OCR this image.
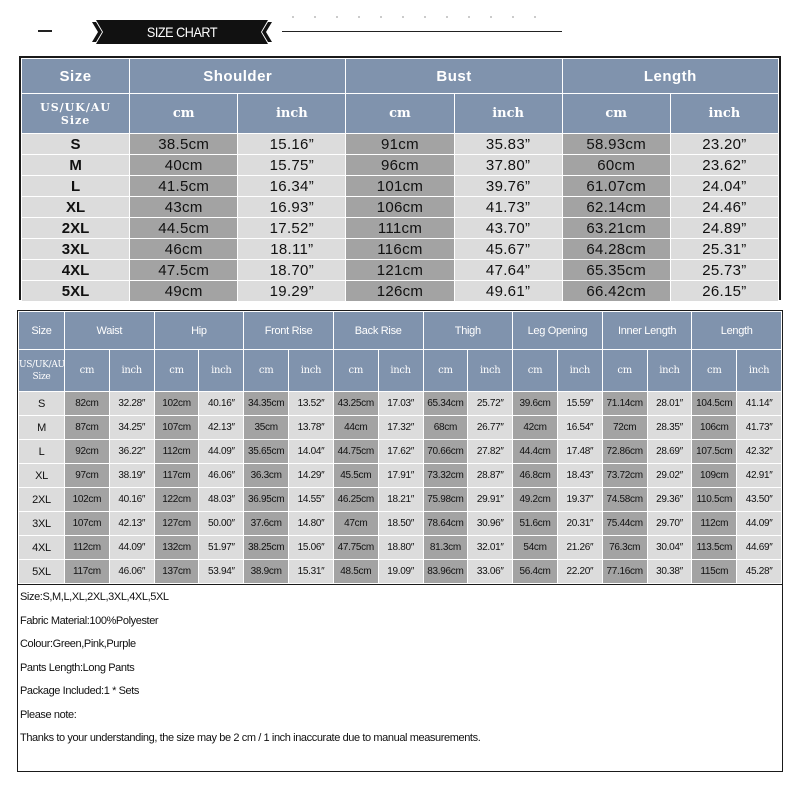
SIZE CHART
Size	Shoulder		Bust		Length	
US/UK/AU
Size	cm	inch	cm	inch	cm	inch
S	38.5cm	15.16”	91cm	35.83”	58.93cm	23.20”
M	40cm	15.75”	96cm	37.80”	60cm	23.62”
L	41.5cm	16.34”	101cm	39.76”	61.07cm	24.04”
XL	43cm	16.93”	106cm	41.73”	62.14cm	24.46”
2XL	44.5cm	17.52”	111cm	43.70”	63.21cm	24.89”
3XL	46cm	18.11”	116cm	45.67”	64.28cm	25.31”
4XL	47.5cm	18.70”	121cm	47.64”	65.35cm	25.73”
5XL	49cm	19.29”	126cm	49.61”	66.42cm	26.15”
Size	Waist		Hip		Front Rise		Back Rise		Thigh		Leg Opening		Inner Length		Length	
US/UK/AU
Size	cm	inch	cm	inch	cm	inch	cm	inch	cm	inch	cm	inch	cm	inch	cm	inch
S	82cm	32.28″	102cm	40.16″	34.35cm	13.52″	43.25cm	17.03″	65.34cm	25.72″	39.6cm	15.59″	71.14cm	28.01″	104.5cm	41.14″
M	87cm	34.25″	107cm	42.13″	35cm	13.78″	44cm	17.32″	68cm	26.77″	42cm	16.54″	72cm	28.35″	106cm	41.73″
L	92cm	36.22″	112cm	44.09″	35.65cm	14.04″	44.75cm	17.62″	70.66cm	27.82″	44.4cm	17.48″	72.86cm	28.69″	107.5cm	42.32″
XL	97cm	38.19″	117cm	46.06″	36.3cm	14.29″	45.5cm	17.91″	73.32cm	28.87″	46.8cm	18.43″	73.72cm	29.02″	109cm	42.91″
2XL	102cm	40.16″	122cm	48.03″	36.95cm	14.55″	46.25cm	18.21″	75.98cm	29.91″	49.2cm	19.37″	74.58cm	29.36″	110.5cm	43.50″
3XL	107cm	42.13″	127cm	50.00″	37.6cm	14.80″	47cm	18.50″	78.64cm	30.96″	51.6cm	20.31″	75.44cm	29.70″	112cm	44.09″
4XL	112cm	44.09″	132cm	51.97″	38.25cm	15.06″	47.75cm	18.80″	81.3cm	32.01″	54cm	21.26″	76.3cm	30.04″	113.5cm	44.69″
5XL	117cm	46.06″	137cm	53.94″	38.9cm	15.31″	48.5cm	19.09″	83.96cm	33.06″	56.4cm	22.20″	77.16cm	30.38″	115cm	45.28″
Size:S,M,L,XL,2XL,3XL,4XL,5XL
Fabric Material:100%Polyester
Colour:Green,Pink,Purple
Pants Length:Long Pants
Package Included:1 * Sets
Please note:
Thanks to your understanding, the size may be 2 cm / 1 inch inaccurate due to manual measurements.
